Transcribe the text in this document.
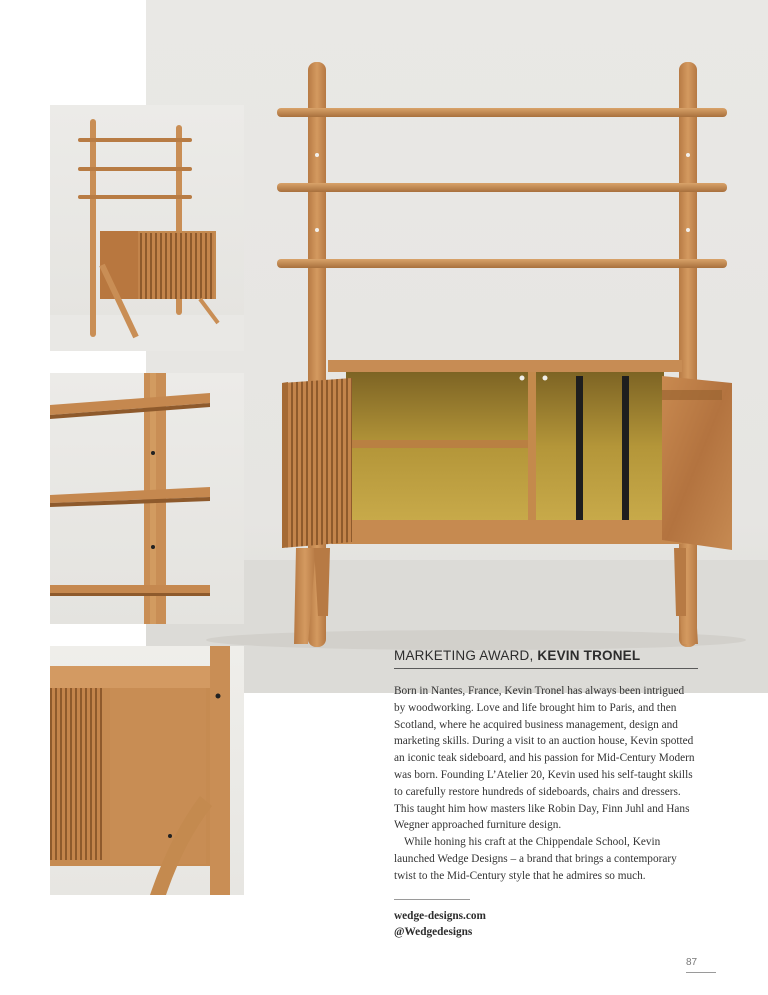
MARKETING AWARD, KEVIN TRONEL

Born in Nantes, France, Kevin Tronel has always been intrigued by woodworking. Love and life brought him to Paris, and then Scotland, where he acquired business management, design and marketing skills. During a visit to an auction house, Kevin spotted an iconic teak sideboard, and his passion for Mid-Century Modern was born. Founding L’Atelier 20, Kevin used his self-taught skills to carefully restore hundreds of sideboards, chairs and dressers. This taught him how masters like Robin Day, Finn Juhl and Hans Wegner approached furniture design.

While honing his craft at the Chippendale School, Kevin launched Wedge Designs – a brand that brings a contemporary twist to the Mid-Century style that he admires so much.

wedge-designs.com
@Wedgedesigns
87
